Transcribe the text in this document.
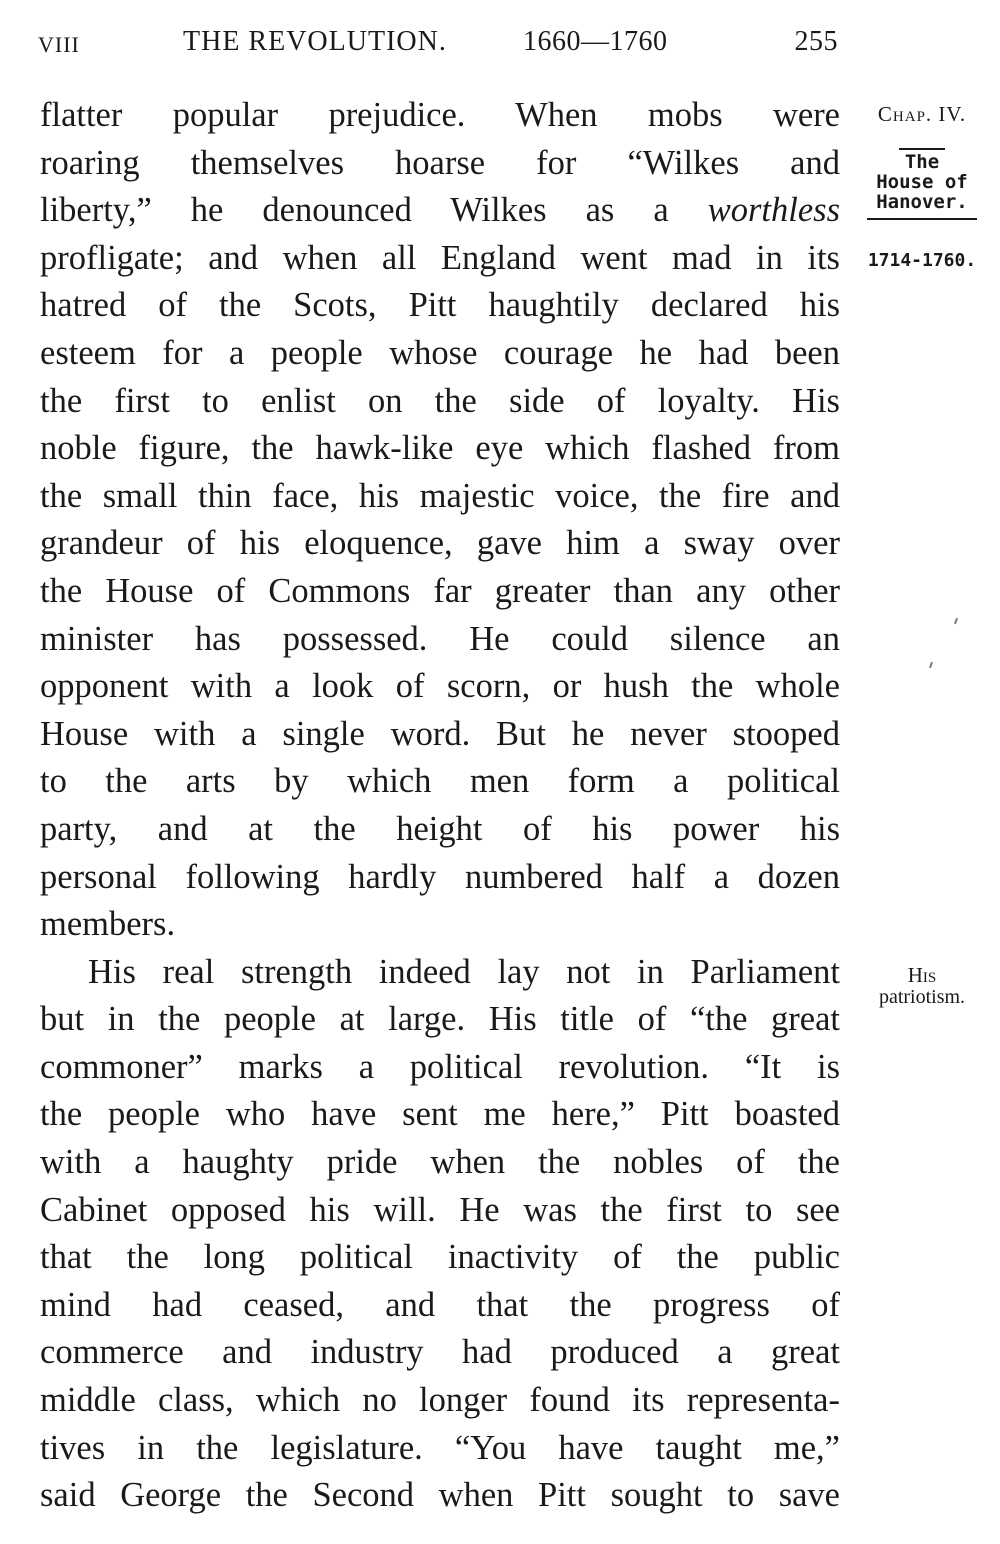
VIII	THE REVOLUTION.	1660—1760	255
flatter popular prejudice. When mobs were
roaring themselves hoarse for “Wilkes and
liberty,” he denounced Wilkes as a worthless
profligate; and when all England went mad in its
hatred of the Scots, Pitt haughtily declared his
esteem for a people whose courage he had been
the first to enlist on the side of loyalty. His
noble figure, the hawk-like eye which flashed from
the small thin face, his majestic voice, the fire and
grandeur of his eloquence, gave him a sway over
the House of Commons far greater than any other
minister has possessed. He could silence an
opponent with a look of scorn, or hush the whole
House with a single word. But he never stooped
to the arts by which men form a political
party, and at the height of his power his
personal following hardly numbered half a dozen
members.
His real strength indeed lay not in Parliament
but in the people at large. His title of “the great
commoner” marks a political revolution. “It is
the people who have sent me here,” Pitt boasted
with a haughty pride when the nobles of the
Cabinet opposed his will. He was the first to see
that the long political inactivity of the public
mind had ceased, and that the progress of
commerce and industry had produced a great
middle class, which no longer found its representa-
tives in the legislature. “You have taught me,”
said George the Second when Pitt sought to save
Chap. IV.
The
House of
Hanover.
1714-1760.
His
patriotism.
